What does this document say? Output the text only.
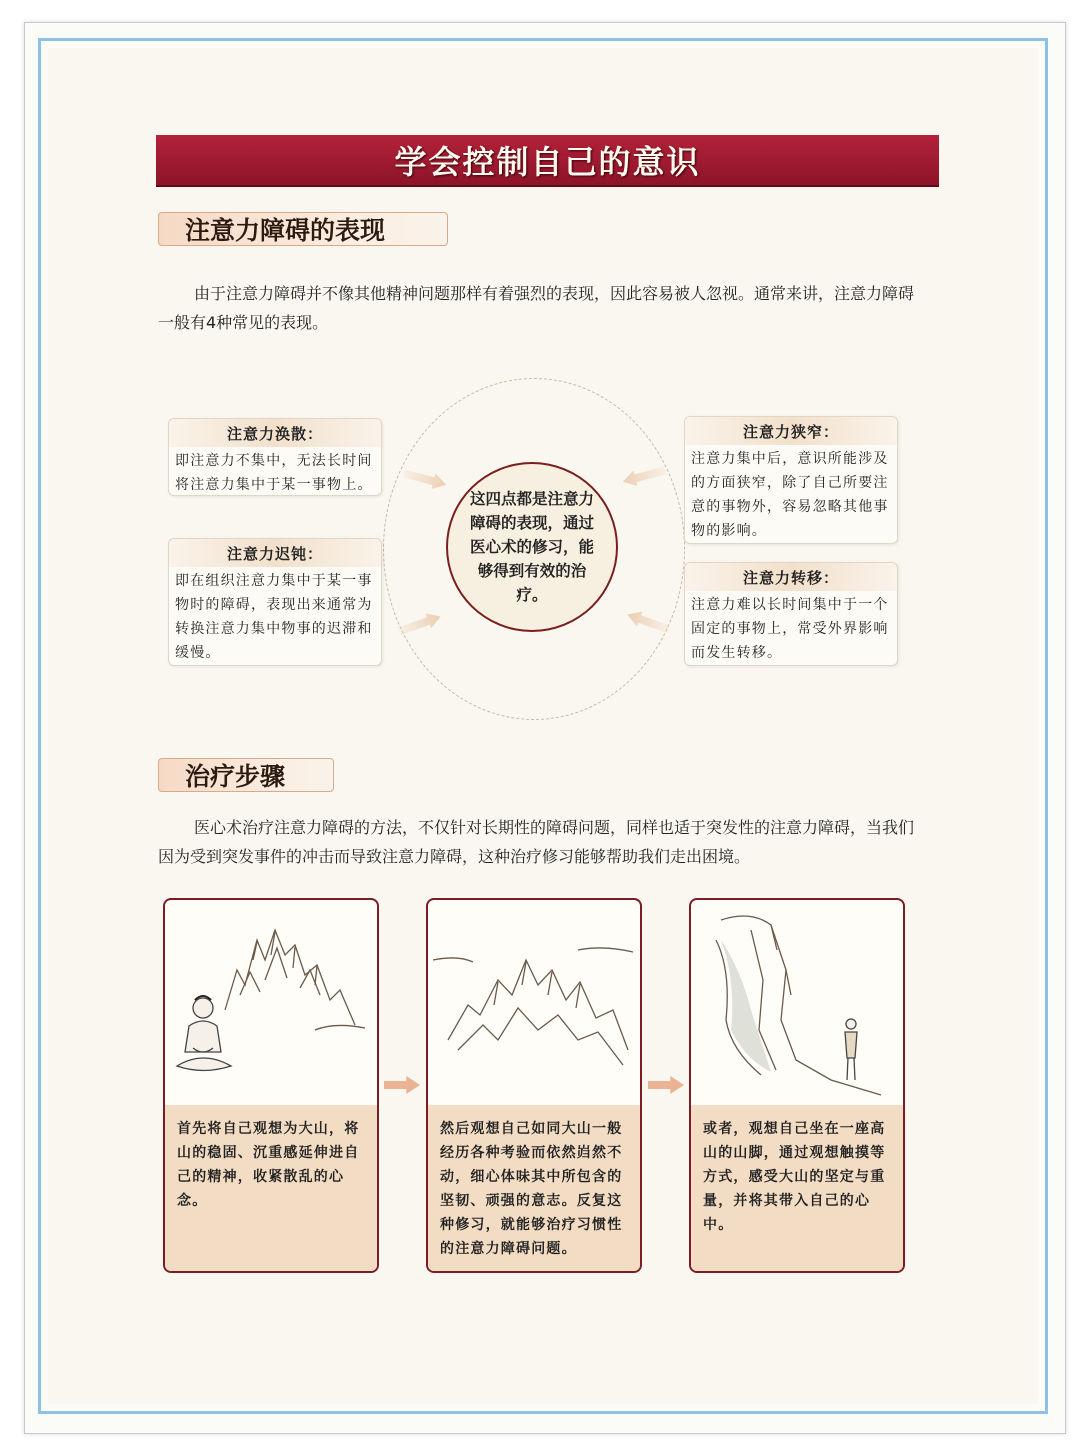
学会控制自己的意识
注意力障碍的表现
由于注意力障碍并不像其他精神问题那样有着强烈的表现，因此容易被人忽视。通常来讲，注意力障碍一般有4种常见的表现。
这四点都是注意力障碍的表现，通过医心术的修习，能够得到有效的治疗。
注意力涣散：
即注意力不集中，无法长时间将注意力集中于某一事物上。
注意力迟钝：
即在组织注意力集中于某一事物时的障碍，表现出来通常为转换注意力集中物事的迟滞和缓慢。
注意力狭窄：
注意力集中后，意识所能涉及的方面狭窄，除了自己所要注意的事物外，容易忽略其他事物的影响。
注意力转移：
注意力难以长时间集中于一个固定的事物上，常受外界影响而发生转移。
治疗步骤
医心术治疗注意力障碍的方法，不仅针对长期性的障碍问题，同样也适于突发性的注意力障碍，当我们因为受到突发事件的冲击而导致注意力障碍，这种治疗修习能够帮助我们走出困境。
首先将自己观想为大山，将山的稳固、沉重感延伸进自己的精神，收紧散乱的心念。
然后观想自己如同大山一般经历各种考验而依然岿然不动，细心体味其中所包含的坚韧、顽强的意志。反复这种修习，就能够治疗习惯性的注意力障碍问题。
或者，观想自己坐在一座高山的山脚，通过观想触摸等方式，感受大山的坚定与重量，并将其带入自己的心中。
